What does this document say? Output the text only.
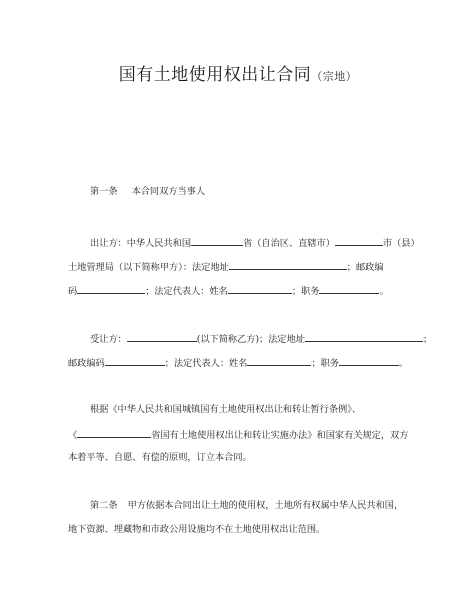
国有土地使用权出让合同（宗地）
第一条 本合同双方当事人
出让方：中华人民共和国	省（自治区、直辖市）	市（县）
土地管理局（以下简称甲方）：法定地址	；邮政编
码	；法定代表人：姓名	；职务	。
受让方：	(以下简称乙方)；法定地址	；
邮政编码	；法定代表人：姓名	；职务	。
根据《中华人民共和国城镇国有土地使用权出让和转让暂行条例》、
《	省国有土地使用权出让和转让实施办法》和国家有关规定，双方
本着平等、自愿、有偿的原则，订立本合同。
第二条 甲方依据本合同出让土地的使用权，土地所有权属中华人民共和国，
地下资源、埋藏物和市政公用设施均不在土地使用权出让范围。
